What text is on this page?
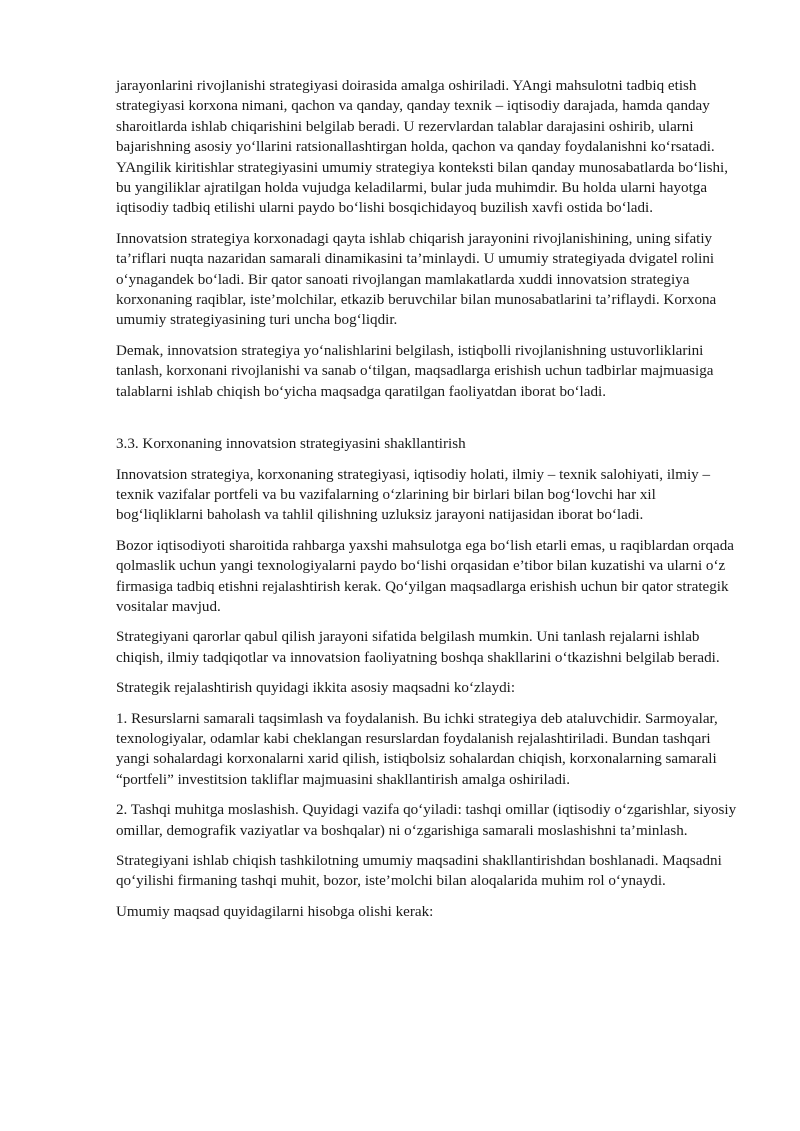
jarayonlarini rivojlanishi strategiyasi doirasida amalga oshiriladi. YAngi mahsulotni tadbiq etish strategiyasi korxona nimani, qachon va qanday, qanday texnik – iqtisodiy darajada, hamda qanday sharoitlarda ishlab chiqarishini belgilab beradi. U rezervlardan talablar darajasini oshirib, ularni bajarishning asosiy yo‘llarini ratsionallashtirgan holda, qachon va qanday foydalanishni ko‘rsatadi. YAngilik kiritishlar strategiyasini umumiy strategiya konteksti bilan qanday munosabatlarda bo‘lishi, bu yangiliklar ajratilgan holda vujudga keladilarmi, bular juda muhimdir. Bu holda ularni hayotga iqtisodiy tadbiq etilishi ularni paydo bo‘lishi bosqichidayoq buzilish xavfi ostida bo‘ladi.

Innovatsion strategiya korxonadagi qayta ishlab chiqarish jarayonini rivojlanishining, uning sifatiy ta’riflari nuqta nazaridan samarali dinamikasini ta’minlaydi. U umumiy strategiyada dvigatel rolini o‘ynagandek bo‘ladi. Bir qator sanoati rivojlangan mamlakatlarda xuddi innovatsion strategiya korxonaning raqiblar, iste’molchilar, etkazib beruvchilar bilan munosabatlarini ta’riflaydi. Korxona umumiy strategiyasining turi uncha bog‘liqdir.

Demak, innovatsion strategiya yo‘nalishlarini belgilash, istiqbolli rivojlanishning ustuvorliklarini tanlash, korxonani rivojlanishi va sanab o‘tilgan, maqsadlarga erishish uchun tadbirlar majmuasiga talablarni ishlab chiqish bo‘yicha maqsadga qaratilgan faoliyatdan iborat bo‘ladi.

3.3. Korxonaning innovatsion strategiyasini shakllantirish

Innovatsion strategiya, korxonaning strategiyasi, iqtisodiy holati, ilmiy – texnik salohiyati, ilmiy – texnik vazifalar portfeli va bu vazifalarning o‘zlarining bir birlari bilan bog‘lovchi har xil bog‘liqliklarni baholash va tahlil qilishning uzluksiz jarayoni natijasidan iborat bo‘ladi.

Bozor iqtisodiyoti sharoitida rahbarga yaxshi mahsulotga ega bo‘lish etarli emas, u raqiblardan orqada qolmaslik uchun yangi texnologiyalarni paydo bo‘lishi orqasidan e’tibor bilan kuzatishi va ularni o‘z firmasiga tadbiq etishni rejalashtirish kerak. Qo‘yilgan maqsadlarga erishish uchun bir qator strategik vositalar mavjud.

Strategiyani qarorlar qabul qilish jarayoni sifatida belgilash mumkin. Uni tanlash rejalarni ishlab chiqish, ilmiy tadqiqotlar va innovatsion faoliyatning boshqa shakllarini o‘tkazishni belgilab beradi.

Strategik rejalashtirish quyidagi ikkita asosiy maqsadni ko‘zlaydi:

1. Resurslarni samarali taqsimlash va foydalanish. Bu ichki strategiya deb ataluvchidir. Sarmoyalar, texnologiyalar, odamlar kabi cheklangan resurslardan foydalanish rejalashtiriladi. Bundan tashqari yangi sohalardagi korxonalarni xarid qilish, istiqbolsiz sohalardan chiqish, korxonalarning samarali “portfeli” investitsion takliflar majmuasini shakllantirish amalga oshiriladi.

2. Tashqi muhitga moslashish. Quyidagi vazifa qo‘yiladi: tashqi omillar (iqtisodiy o‘zgarishlar, siyosiy omillar, demografik vaziyatlar va boshqalar) ni o‘zgarishiga samarali moslashishni ta’minlash.

Strategiyani ishlab chiqish tashkilotning umumiy maqsadini shakllantirishdan boshlanadi. Maqsadni qo‘yilishi firmaning tashqi muhit, bozor, iste’molchi bilan aloqalarida muhim rol o‘ynaydi.

Umumiy maqsad quyidagilarni hisobga olishi kerak:
